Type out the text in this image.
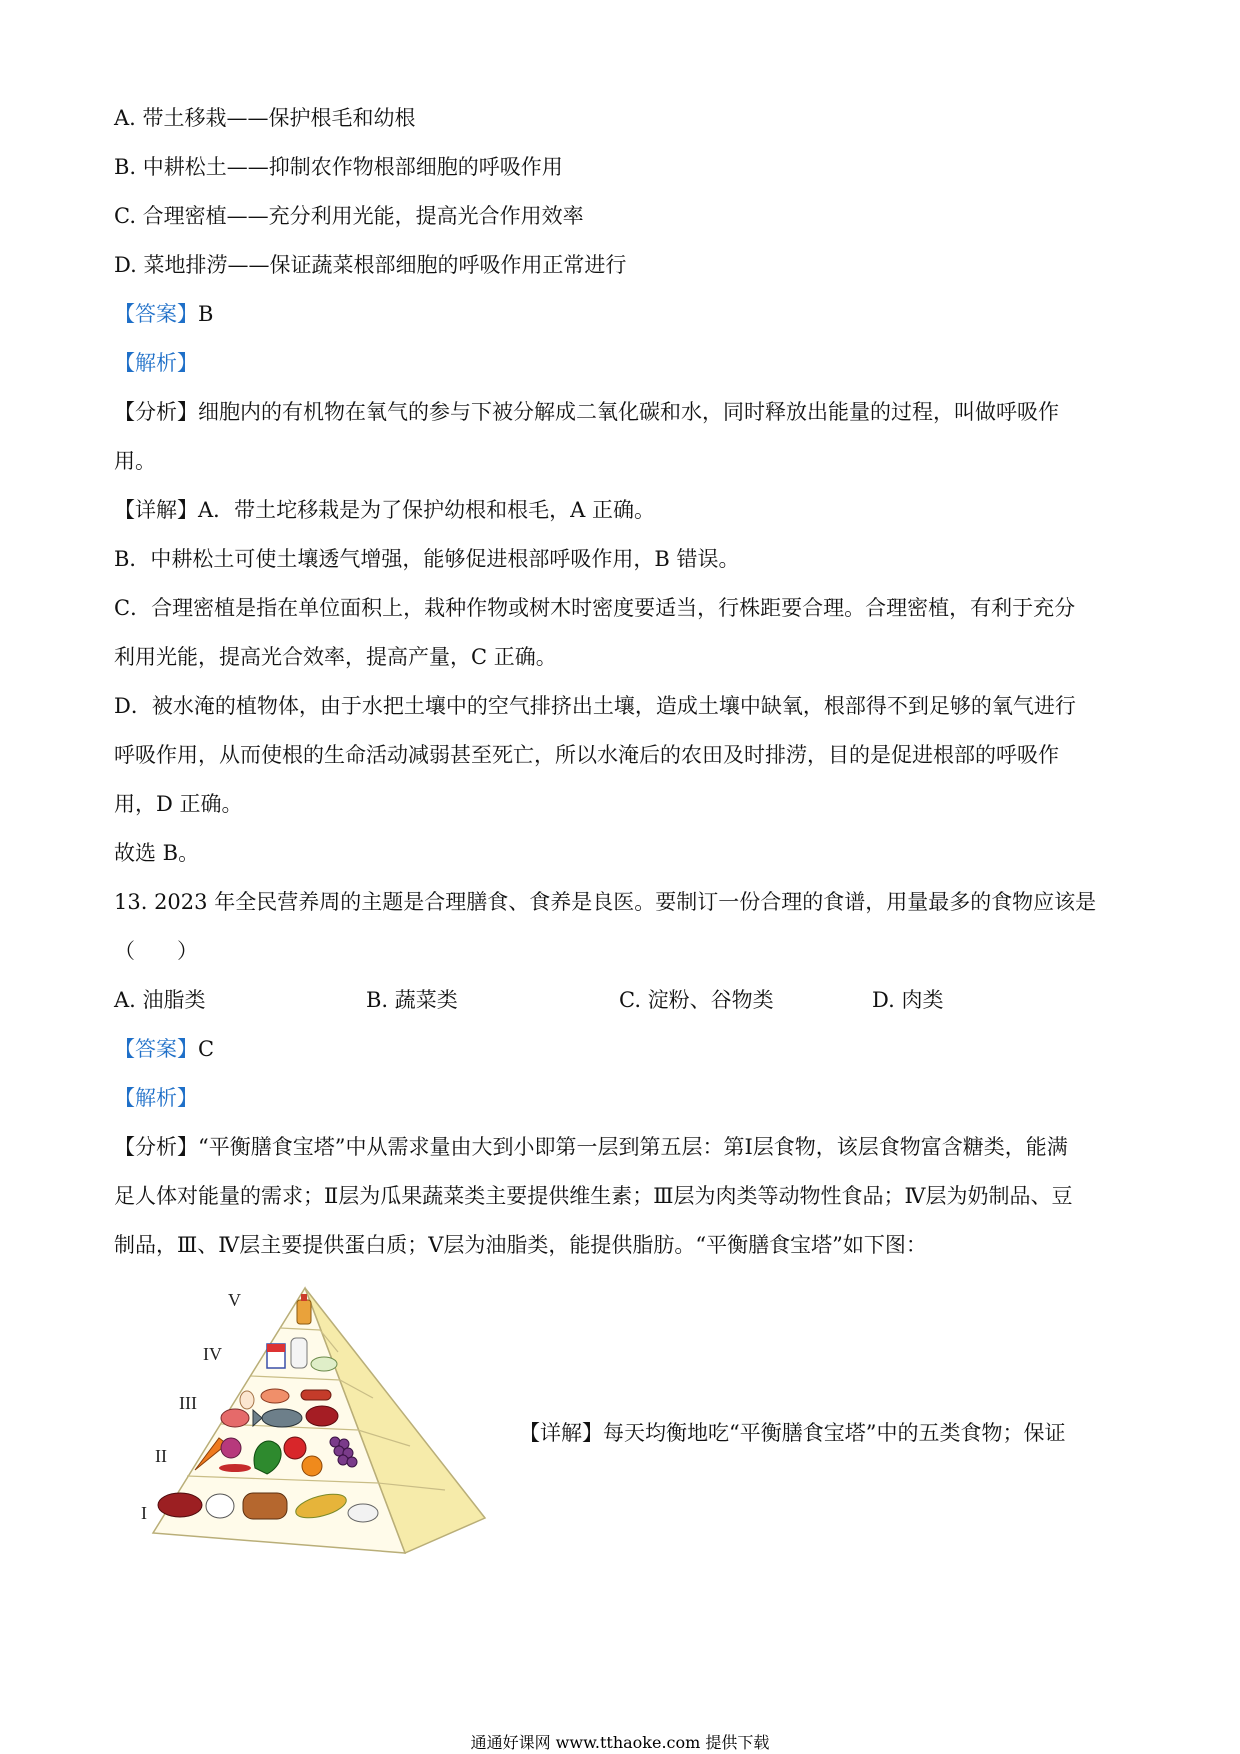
A. 带土移栽——保护根毛和幼根
B. 中耕松土——抑制农作物根部细胞的呼吸作用
C. 合理密植——充分利用光能，提高光合作用效率
D. 菜地排涝——保证蔬菜根部细胞的呼吸作用正常进行
【答案】B
【解析】
【分析】细胞内的有机物在氧气的参与下被分解成二氧化碳和水，同时释放出能量的过程，叫做呼吸作
用。
【详解】A．带土坨移栽是为了保护幼根和根毛，A 正确。
B．中耕松土可使土壤透气增强，能够促进根部呼吸作用，B 错误。
C．合理密植是指在单位面积上，栽种作物或树木时密度要适当，行株距要合理。合理密植，有利于充分
利用光能，提高光合效率，提高产量，C 正确。
D．被水淹的植物体，由于水把土壤中的空气排挤出土壤，造成土壤中缺氧，根部得不到足够的氧气进行
呼吸作用，从而使根的生命活动减弱甚至死亡，所以水淹后的农田及时排涝，目的是促进根部的呼吸作
用，D 正确。
故选 B。
13. 2023 年全民营养周的主题是合理膳食、食养是良医。要制订一份合理的食谱，用量最多的食物应该是
（　　）
A. 油脂类	B. 蔬菜类	C. 淀粉、谷物类	D. 肉类
【答案】C
【解析】
【分析】“平衡膳食宝塔”中从需求量由大到小即第一层到第五层：第Ⅰ层食物，该层食物富含糖类，能满
足人体对能量的需求；Ⅱ层为瓜果蔬菜类主要提供维生素；Ⅲ层为肉类等动物性食品；Ⅳ层为奶制品、豆
制品，Ⅲ、Ⅳ层主要提供蛋白质；Ⅴ层为油脂类，能提供脂肪。“平衡膳食宝塔”如下图：
V
IV
III
II
I
【详解】每天均衡地吃“平衡膳食宝塔”中的五类食物；保证
通通好课网 www.tthaoke.com 提供下载
